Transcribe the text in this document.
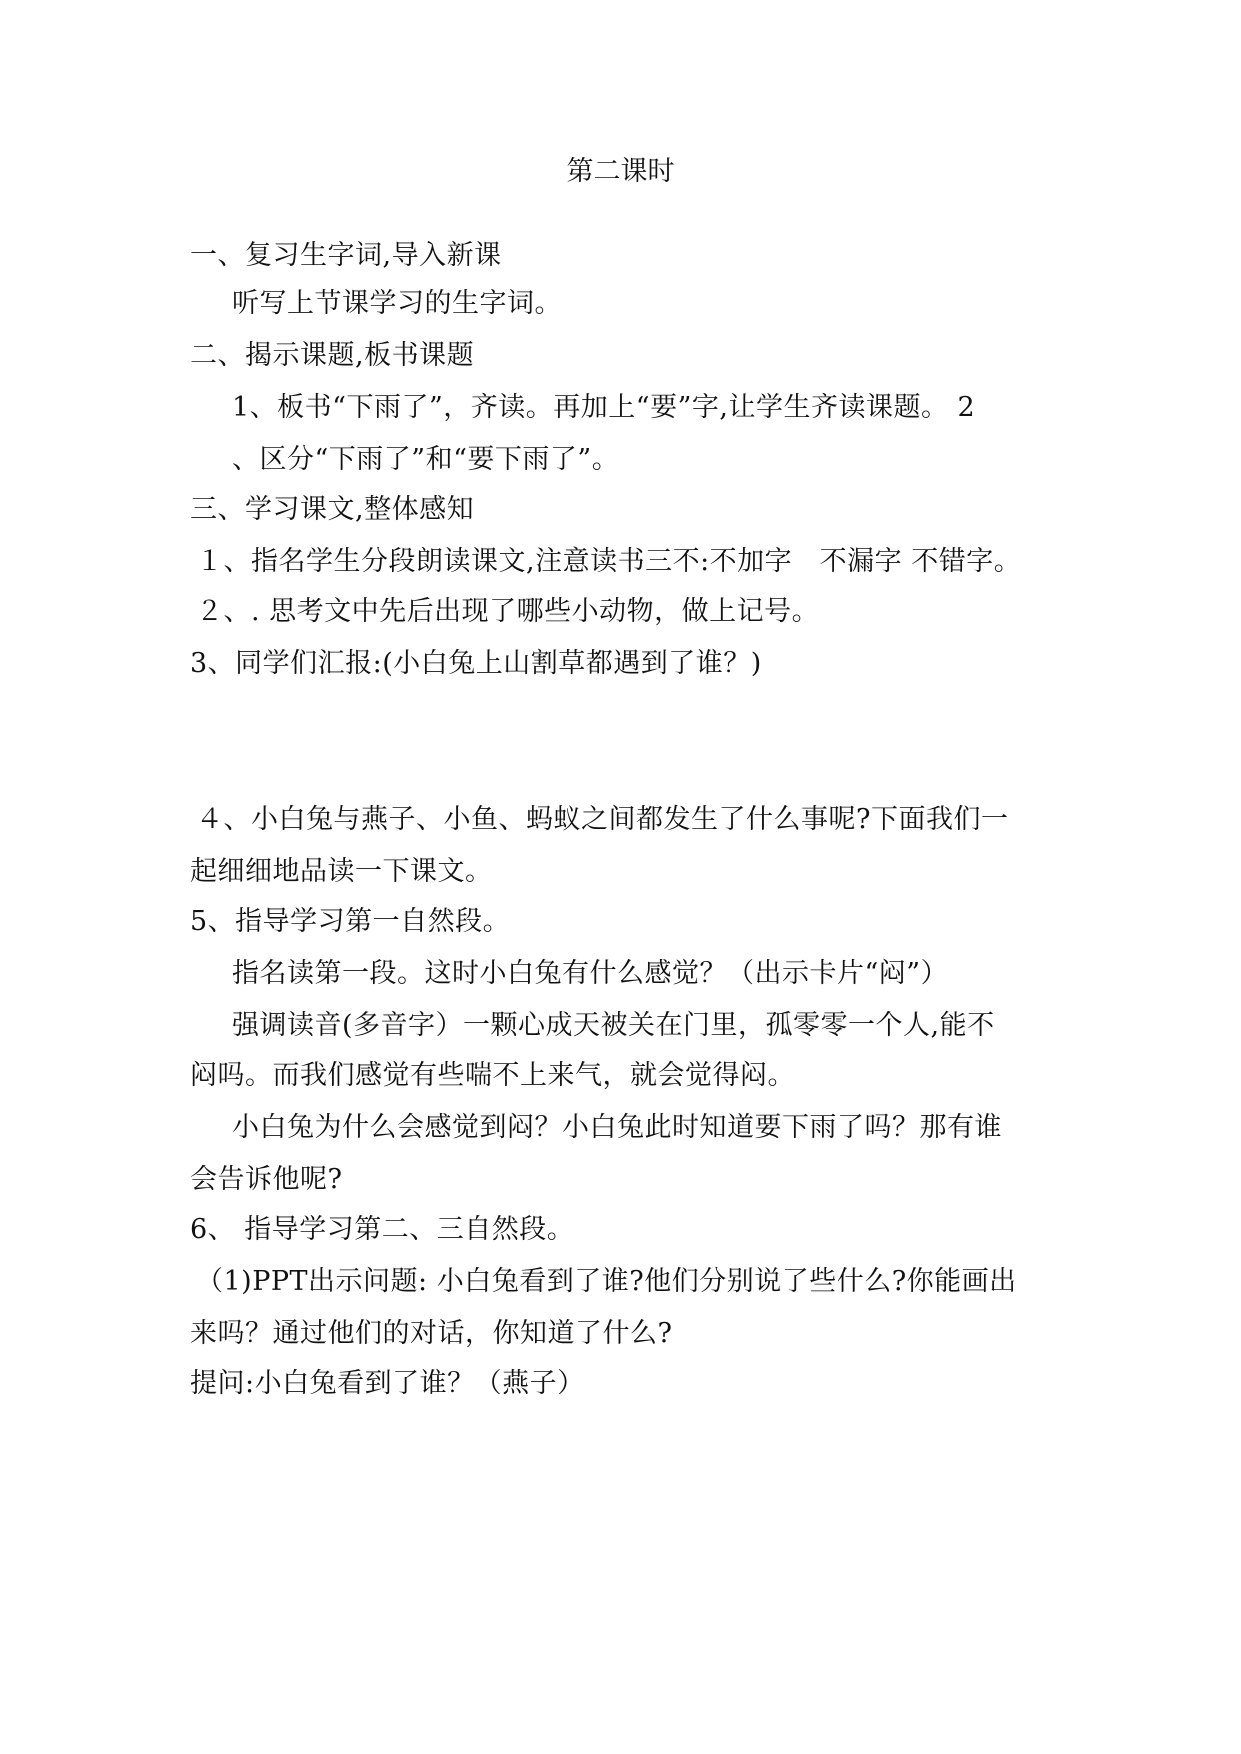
第二课时
一、复习生字词,导入新课
听写上节课学习的生字词。
二、揭示课题,板书课题
1、板书“下雨了”，齐读。再加上“要”字,让学生齐读课题。 2
、区分“下雨了”和“要下雨了”。
三、学习课文,整体感知
１、指名学生分段朗读课文,注意读书三不:不加字　不漏字 不错字。
２、. 思考文中先后出现了哪些小动物，做上记号。
3、同学们汇报:(小白兔上山割草都遇到了谁？)
４、小白兔与燕子、小鱼、蚂蚁之间都发生了什么事呢?下面我们一
起细细地品读一下课文。
5、指导学习第一自然段。
指名读第一段。这时小白兔有什么感觉？（出示卡片“闷”）
强调读音(多音字）一颗心成天被关在门里，孤零零一个人,能不
闷吗。而我们感觉有些喘不上来气，就会觉得闷。
小白兔为什么会感觉到闷？小白兔此时知道要下雨了吗？那有谁
会告诉他呢?
6、 指导学习第二、三自然段。
（1)PPT出示问题: 小白兔看到了谁?他们分别说了些什么?你能画出
来吗？通过他们的对话，你知道了什么?
提问:小白兔看到了谁？（燕子）
